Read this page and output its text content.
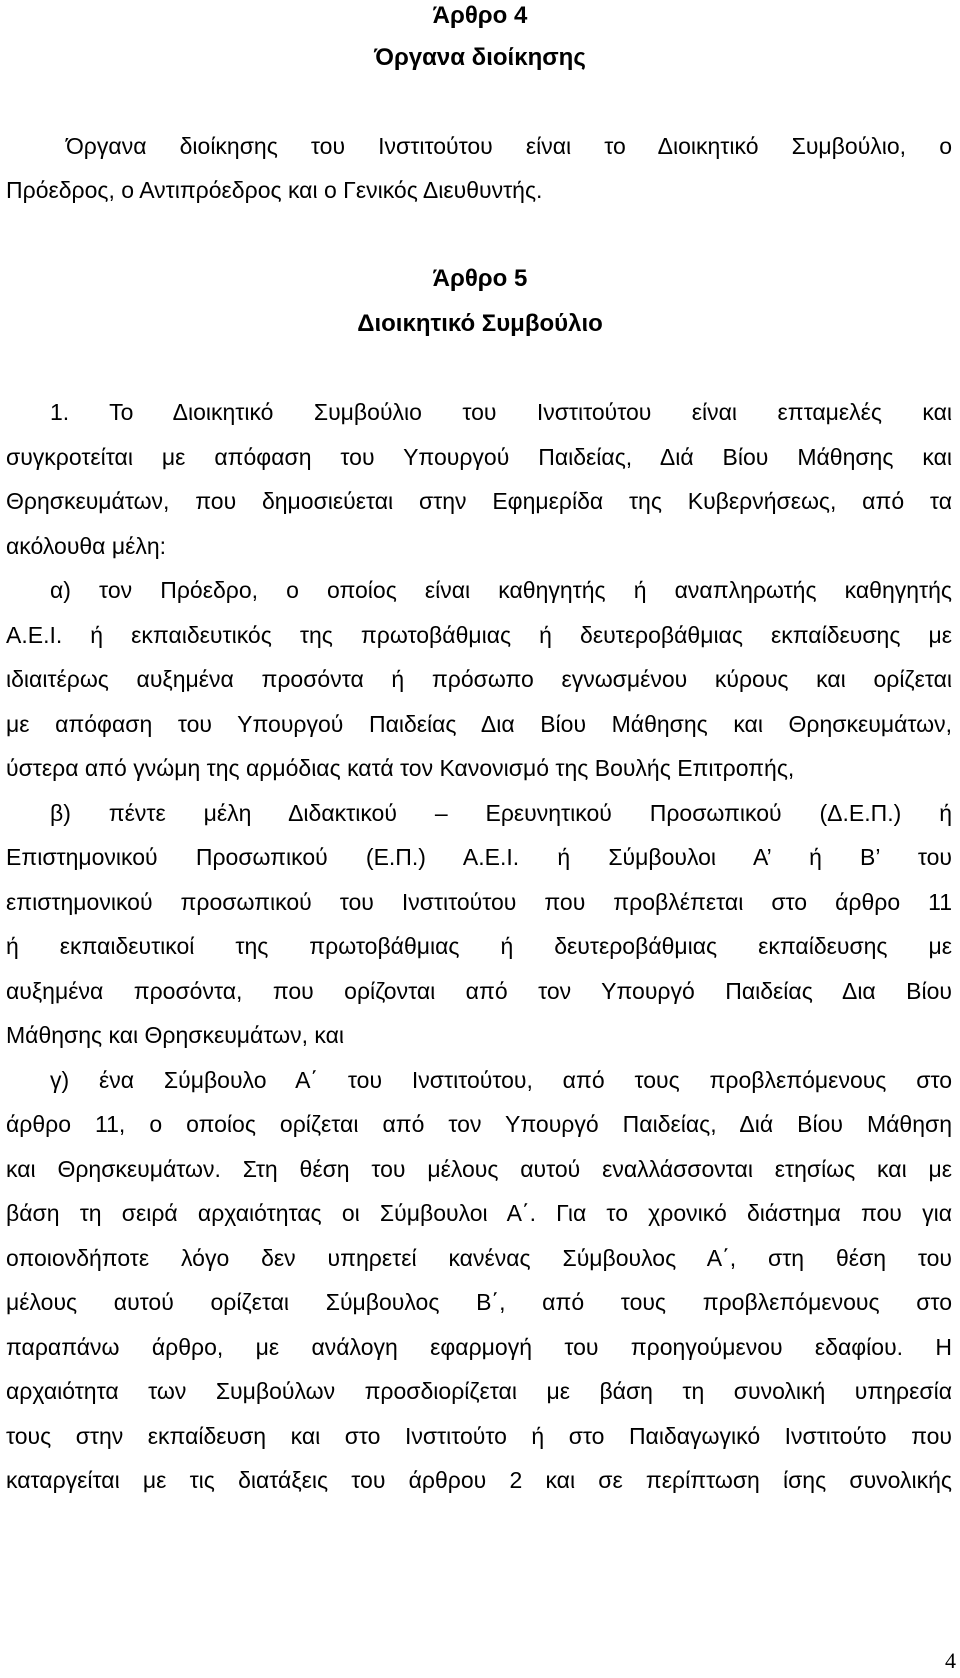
Άρθρο 4
Όργανα διοίκησης
Όργανα διοίκησης του Ινστιτούτου είναι το Διοικητικό Συμβούλιο, ο
Πρόεδρος, ο Αντιπρόεδρος και ο Γενικός Διευθυντής.
Άρθρο 5
Διοικητικό Συμβούλιο
1. Το Διοικητικό Συμβούλιο του Ινστιτούτου είναι επταμελές και
συγκροτείται με απόφαση του Υπουργού Παιδείας, Διά Βίου Μάθησης και
Θρησκευμάτων, που δημοσιεύεται στην Εφημερίδα της Κυβερνήσεως, από τα
ακόλουθα μέλη:
α) τον Πρόεδρο, ο οποίος είναι καθηγητής ή αναπληρωτής καθηγητής
Α.Ε.Ι. ή εκπαιδευτικός της πρωτοβάθμιας ή δευτεροβάθμιας εκπαίδευσης με
ιδιαιτέρως αυξημένα προσόντα ή πρόσωπο εγνωσμένου κύρους και ορίζεται
με απόφαση του Υπουργού Παιδείας Δια Βίου Μάθησης και Θρησκευμάτων,
ύστερα από γνώμη της αρμόδιας κατά τον Κανονισμό της Βουλής Επιτροπής,
β) πέντε μέλη Διδακτικού – Ερευνητικού Προσωπικού (Δ.Ε.Π.) ή
Επιστημονικού Προσωπικού (Ε.Π.) Α.Ε.Ι. ή Σύμβουλοι Α’ ή Β’ του
επιστημονικού προσωπικού του Ινστιτούτου που προβλέπεται στο άρθρο 11
ή εκπαιδευτικοί της πρωτοβάθμιας ή δευτεροβάθμιας εκπαίδευσης με
αυξημένα προσόντα, που ορίζονται από τον Υπουργό Παιδείας Δια Βίου
Μάθησης και Θρησκευμάτων, και
γ) ένα Σύμβουλο Α΄ του Ινστιτούτου, από τους προβλεπόμενους στο
άρθρο 11, ο οποίος ορίζεται από τον Υπουργό Παιδείας, Διά Βίου Μάθηση
και Θρησκευμάτων. Στη θέση του μέλους αυτού εναλλάσσονται ετησίως και με
βάση τη σειρά αρχαιότητας οι Σύμβουλοι Α΄. Για το χρονικό διάστημα που για
οποιονδήποτε λόγο δεν υπηρετεί κανένας Σύμβουλος Α΄, στη θέση του
μέλους αυτού ορίζεται Σύμβουλος Β΄, από τους προβλεπόμενους στο
παραπάνω άρθρο, με ανάλογη εφαρμογή του προηγούμενου εδαφίου. Η
αρχαιότητα των Συμβούλων προσδιορίζεται με βάση τη συνολική υπηρεσία
τους στην εκπαίδευση και στο Ινστιτούτο ή στο Παιδαγωγικό Ινστιτούτο που
καταργείται με τις διατάξεις του άρθρου 2 και σε περίπτωση ίσης συνολικής
4
